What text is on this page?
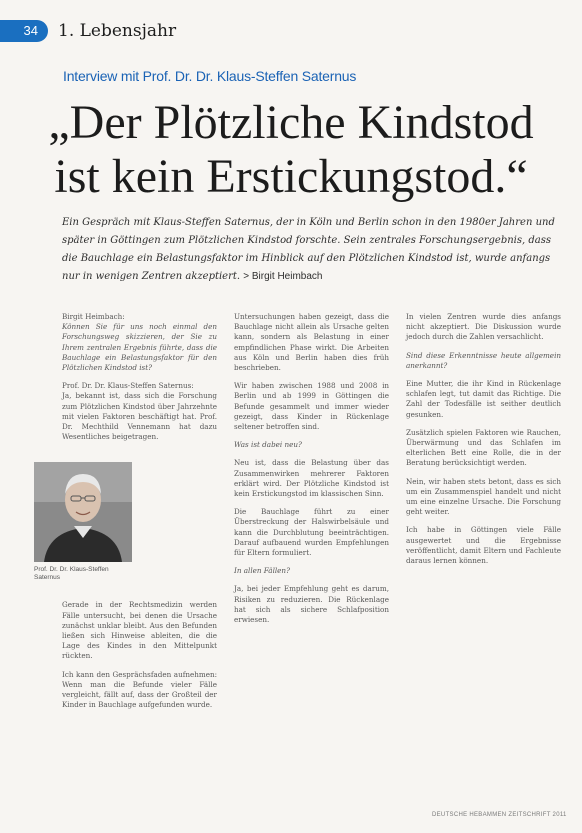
34	1. Lebensjahr
Interview mit Prof. Dr. Dr. Klaus-Steffen Saternus
„Der Plötzliche Kindstod
ist kein Erstickungstod.“
Ein Gespräch mit Klaus-Steffen Saternus, der in Köln und Berlin schon in den 1980er Jahren und später in Göttingen zum Plötzlichen Kindstod forschte. Sein zentrales Forschungsergebnis, dass die Bauchlage ein Belastungsfaktor im Hinblick auf den Plötzlichen Kindstod ist, wurde anfangs nur in wenigen Zentren akzeptiert. > Birgit Heimbach

Birgit Heimbach:
Können Sie für uns noch einmal den Forschungsweg skizzieren, der Sie zu Ihrem zentralen Ergebnis führte, dass die Bauchlage ein Belastungsfaktor für den Plötzlichen Kindstod ist?

Prof. Dr. Dr. Klaus-Steffen Saternus:
Ja, bekannt ist, dass sich die Forschung zum Plötzlichen Kindstod über Jahrzehnte mit vielen Faktoren beschäftigt hat. Prof. Dr. Mechthild Vennemann hat dazu Wesentliches beigetragen.

Gerade in der Rechtsmedizin werden Fälle untersucht, bei denen die Ursache zunächst unklar bleibt. Aus den Befunden ließen sich Hinweise ableiten, die die Lage des Kindes in den Mittelpunkt rückten.

Ich kann den Gesprächsfaden aufnehmen: Wenn man die Befunde vieler Fälle vergleicht, fällt auf, dass der Großteil der Kinder in Bauchlage aufgefunden wurde.

Untersuchungen haben gezeigt, dass die Bauchlage nicht allein als Ursache gelten kann, sondern als Belastung in einer empfindlichen Phase wirkt. Die Arbeiten aus Köln und Berlin haben dies früh beschrieben.

Wir haben zwischen 1988 und 2008 in Berlin und ab 1999 in Göttingen die Befunde gesammelt und immer wieder gezeigt, dass Kinder in Rückenlage seltener betroffen sind.

Was ist dabei neu?

Neu ist, dass die Belastung über das Zusammenwirken mehrerer Faktoren erklärt wird. Der Plötzliche Kindstod ist kein Erstickungstod im klassischen Sinn.

Die Bauchlage führt zu einer Überstreckung der Halswirbelsäule und kann die Durchblutung beeinträchtigen. Darauf aufbauend wurden Empfehlungen für Eltern formuliert.

In allen Fällen?

Ja, bei jeder Empfehlung geht es darum, Risiken zu reduzieren. Die Rückenlage hat sich als sichere Schlafposition erwiesen.

In vielen Zentren wurde dies anfangs nicht akzeptiert. Die Diskussion wurde jedoch durch die Zahlen versachlicht.

Sind diese Erkenntnisse heute allgemein anerkannt?

Eine Mutter, die ihr Kind in Rückenlage schlafen legt, tut damit das Richtige. Die Zahl der Todesfälle ist seither deutlich gesunken.

Zusätzlich spielen Faktoren wie Rauchen, Überwärmung und das Schlafen im elterlichen Bett eine Rolle, die in der Beratung berücksichtigt werden.

Nein, wir haben stets betont, dass es sich um ein Zusammenspiel handelt und nicht um eine einzelne Ursache. Die Forschung geht weiter.

Ich habe in Göttingen viele Fälle ausgewertet und die Ergebnisse veröffentlicht, damit Eltern und Fachleute daraus lernen können.

Prof. Dr. Dr. Klaus-Steffen Saternus
DEUTSCHE HEBAMMEN ZEITSCHRIFT 2011
